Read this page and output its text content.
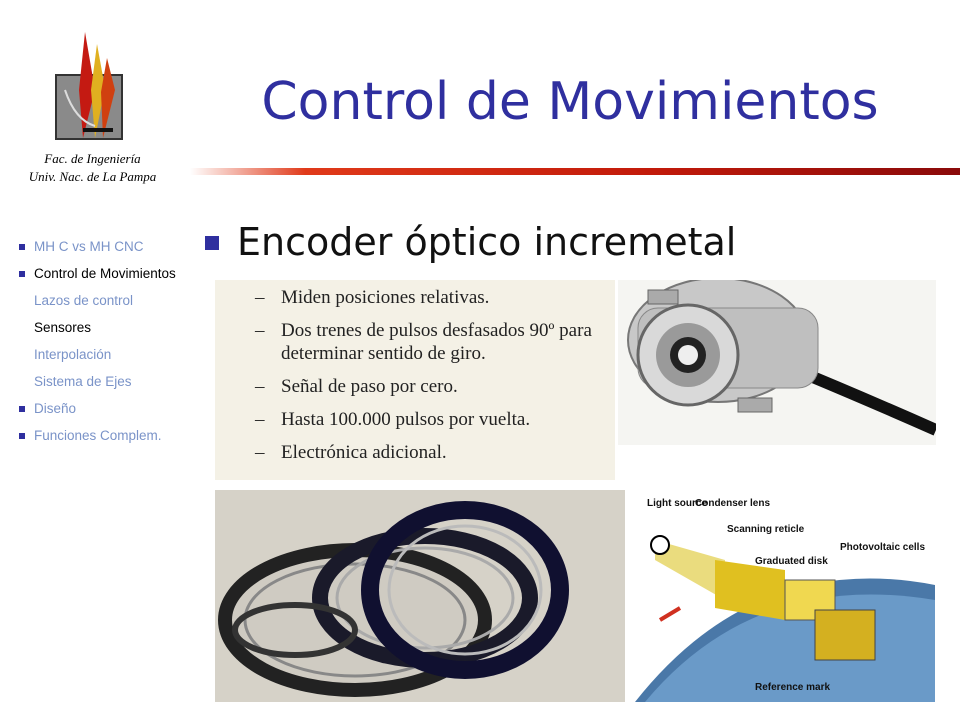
Fac. de Ingeniería
Univ. Nac. de La Pampa
Control de Movimientos
MH C vs MH CNC
Control de Movimientos
Lazos de control
Sensores
Interpolación
Sistema de Ejes
Diseño
Funciones Complem.
Encoder óptico incremetal
– Miden posiciones relativas.
– Dos trenes de pulsos desfasados 90º para determinar sentido de giro.
– Señal de paso por cero.
– Hasta 100.000 pulsos por vuelta.
– Electrónica adicional.
Light source
Condenser lens
Scanning reticle
Graduated disk
Photovoltaic cells
Reference mark
